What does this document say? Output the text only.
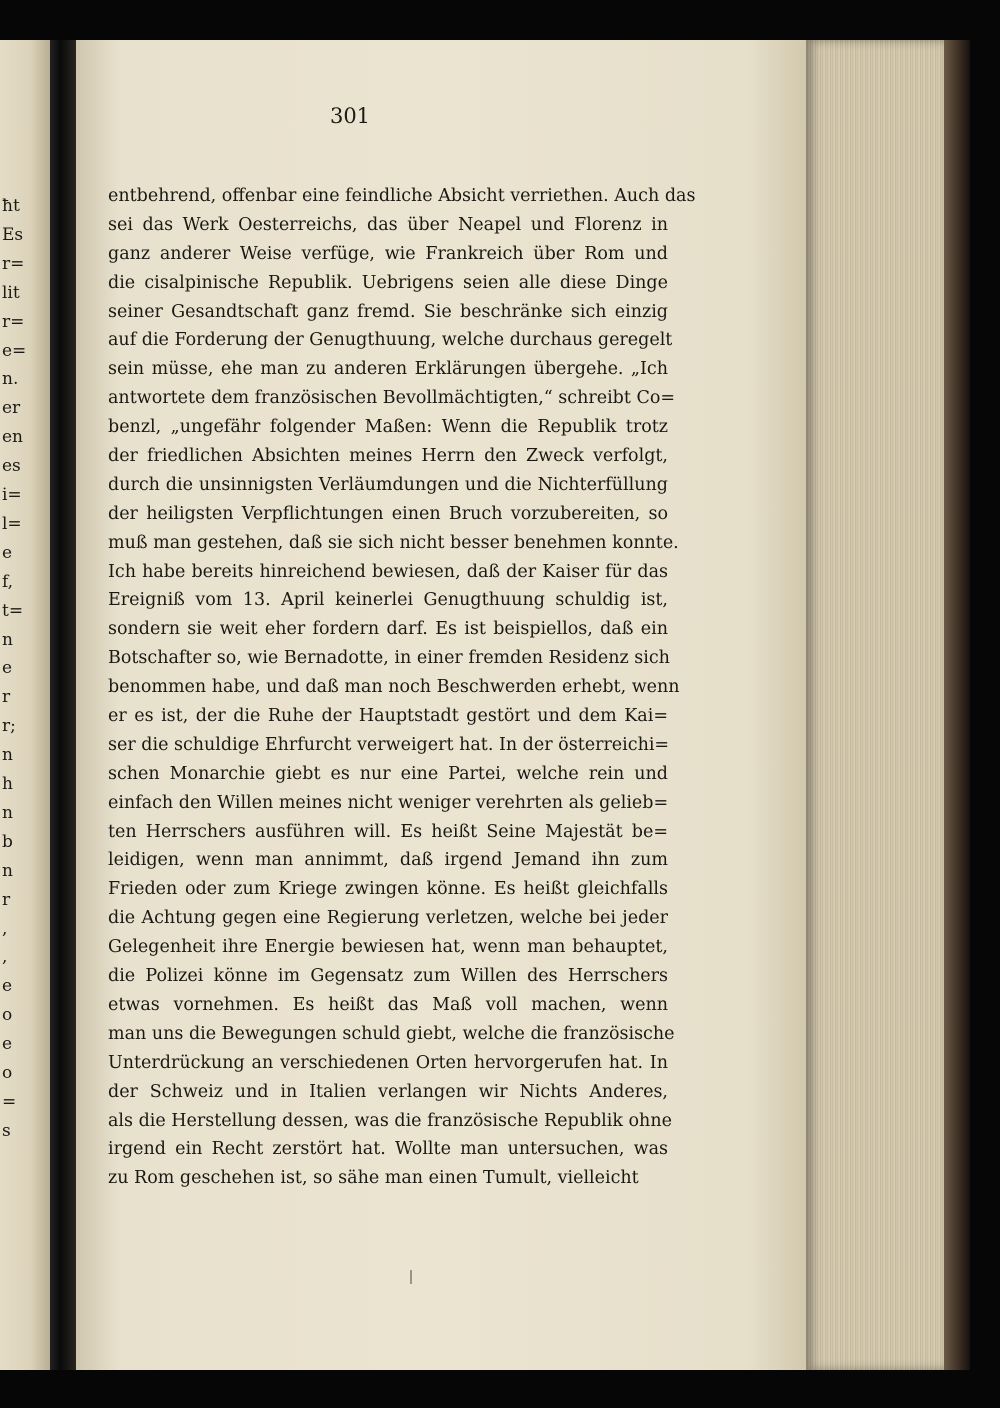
ħt
Es
r=
lit
r=
e=
n.
er
en
es
i=
l=
e
f,
t=
n
e
r
r;
n
h
n
b
n
r
,
,
e
o
e
o
=
s
301
entbehrend, offenbar eine feindliche Absicht verriethen. Auch das
sei das Werk Oesterreichs, das über Neapel und Florenz in
ganz anderer Weise verfüge, wie Frankreich über Rom und
die cisalpinische Republik. Uebrigens seien alle diese Dinge
seiner Gesandtschaft ganz fremd. Sie beschränke sich einzig
auf die Forderung der Genugthuung, welche durchaus geregelt
sein müsse, ehe man zu anderen Erklärungen übergehe. „Ich
antwortete dem französischen Bevollmächtigten,“ schreibt Co=
benzl, „ungefähr folgender Maßen: Wenn die Republik trotz
der friedlichen Absichten meines Herrn den Zweck verfolgt,
durch die unsinnigsten Verläumdungen und die Nichterfüllung
der heiligsten Verpflichtungen einen Bruch vorzubereiten, so
muß man gestehen, daß sie sich nicht besser benehmen konnte.
Ich habe bereits hinreichend bewiesen, daß der Kaiser für das
Ereigniß vom 13. April keinerlei Genugthuung schuldig ist,
sondern sie weit eher fordern darf. Es ist beispiellos, daß ein
Botschafter so, wie Bernadotte, in einer fremden Residenz sich
benommen habe, und daß man noch Beschwerden erhebt, wenn
er es ist, der die Ruhe der Hauptstadt gestört und dem Kai=
ser die schuldige Ehrfurcht verweigert hat. In der österreichi=
schen Monarchie giebt es nur eine Partei, welche rein und
einfach den Willen meines nicht weniger verehrten als gelieb=
ten Herrschers ausführen will. Es heißt Seine Majestät be=
leidigen, wenn man annimmt, daß irgend Jemand ihn zum
Frieden oder zum Kriege zwingen könne. Es heißt gleichfalls
die Achtung gegen eine Regierung verletzen, welche bei jeder
Gelegenheit ihre Energie bewiesen hat, wenn man behauptet,
die Polizei könne im Gegensatz zum Willen des Herrschers
etwas vornehmen. Es heißt das Maß voll machen, wenn
man uns die Bewegungen schuld giebt, welche die französische
Unterdrückung an verschiedenen Orten hervorgerufen hat. In
der Schweiz und in Italien verlangen wir Nichts Anderes,
als die Herstellung dessen, was die französische Republik ohne
irgend ein Recht zerstört hat. Wollte man untersuchen, was
zu Rom geschehen ist, so sähe man einen Tumult, vielleicht
